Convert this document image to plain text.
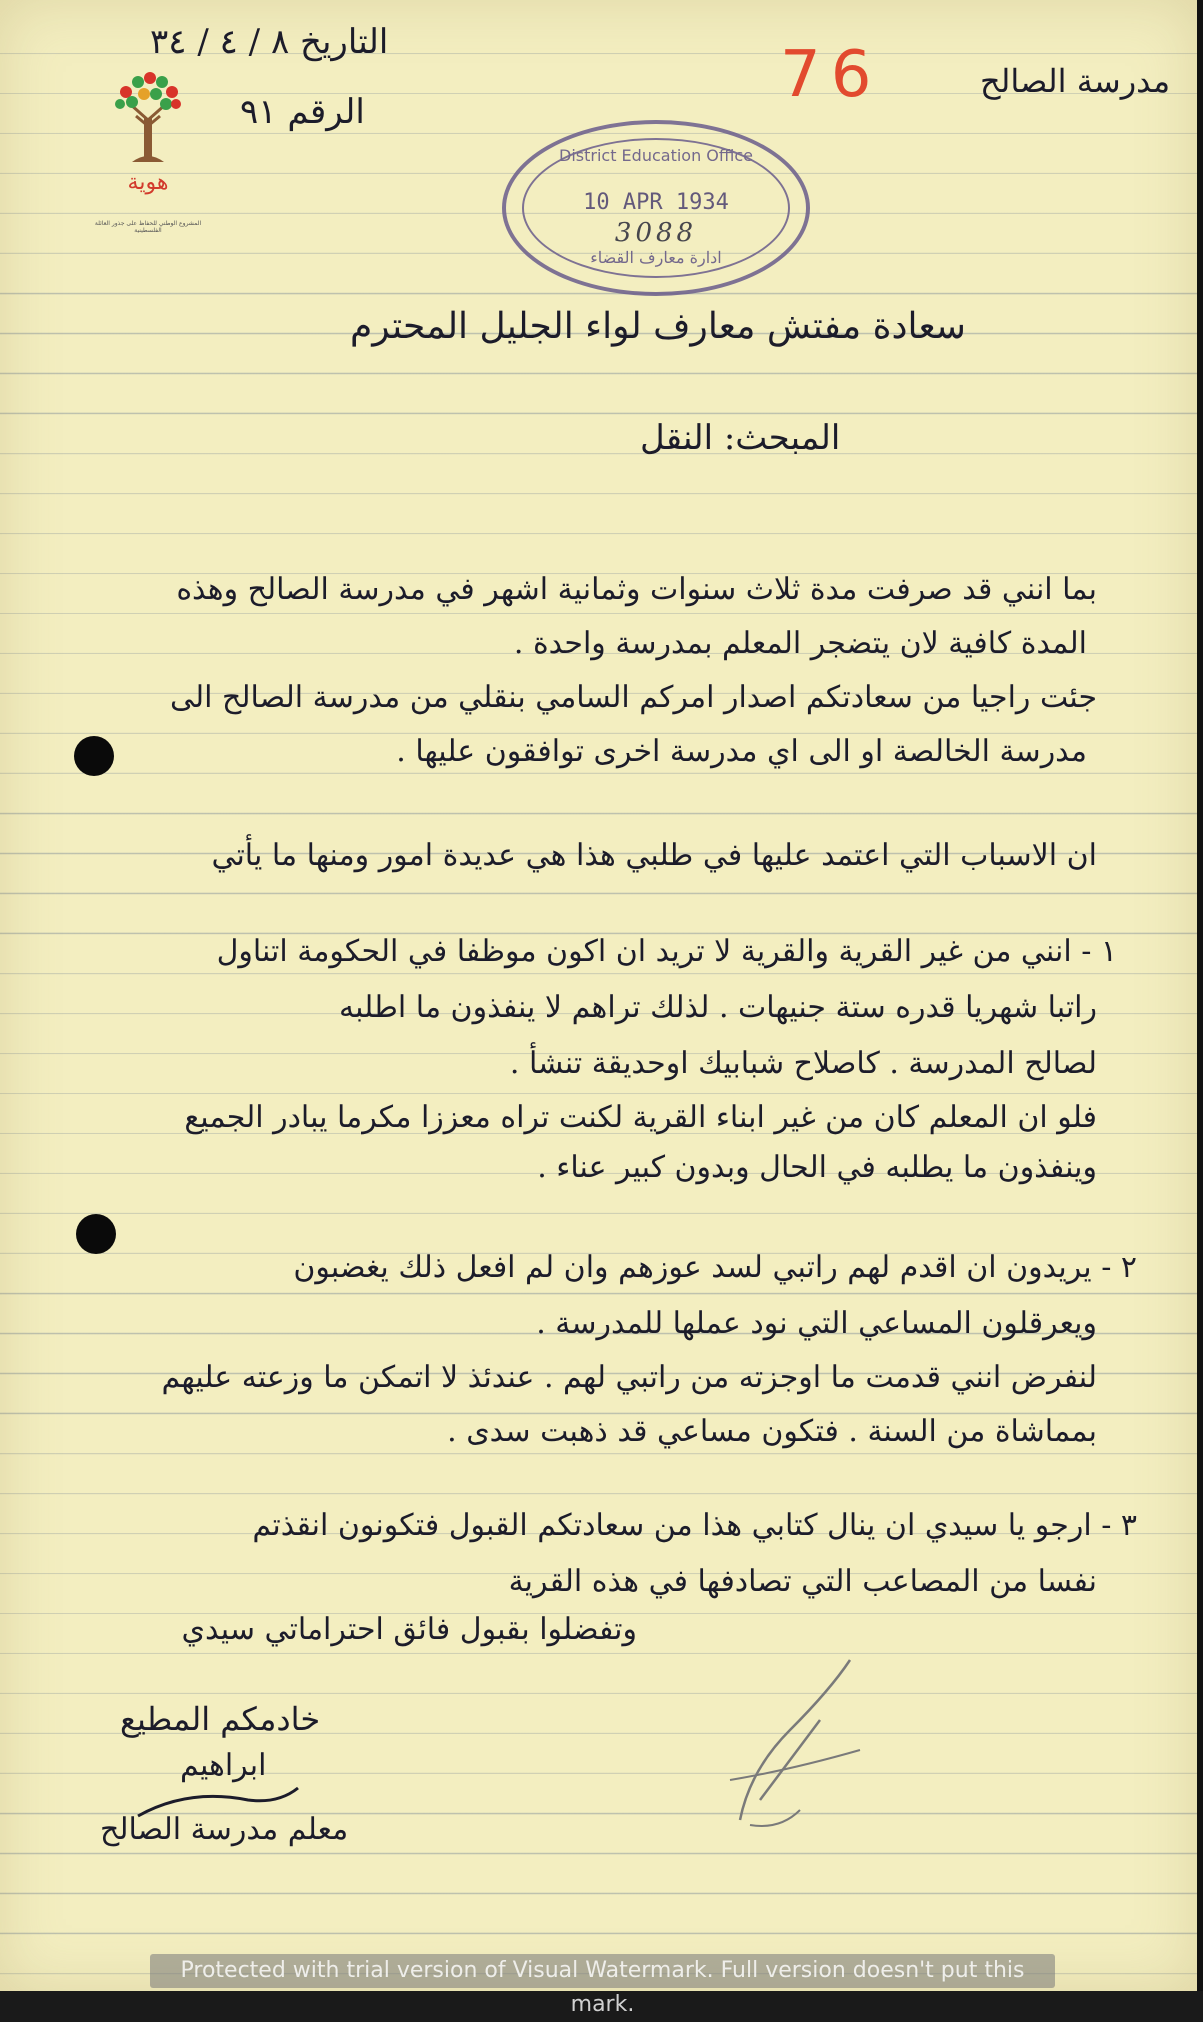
هوية
المشروع الوطني للحفاظ على جذور العائلة الفلسطينية
التاريخ ٨ / ٤ / ٣٤
الرقم ٩١	76	مدرسة الصالح
District Education Office
10 APR 1934
3088
ادارة معارف القضاء
سعادة مفتش معارف لواء الجليل المحترم
المبحث: النقل
بما انني قد صرفت مدة ثلاث سنوات وثمانية اشهر في مدرسة الصالح وهذه
المدة كافية لان يتضجر المعلم بمدرسة واحدة .
جئت راجيا من سعادتكم اصدار امركم السامي بنقلي من مدرسة الصالح الى
مدرسة الخالصة او الى اي مدرسة اخرى توافقون عليها .
ان الاسباب التي اعتمد عليها في طلبي هذا هي عديدة امور ومنها ما يأتي
١ - انني من غير القرية والقرية لا تريد ان اكون موظفا في الحكومة اتناول
راتبا شهريا قدره ستة جنيهات . لذلك تراهم لا ينفذون ما اطلبه
لصالح المدرسة . كاصلاح شبابيك اوحديقة تنشأ .
فلو ان المعلم كان من غير ابناء القرية لكنت تراه معززا مكرما يبادر الجميع
وينفذون ما يطلبه في الحال وبدون كبير عناء .
٢ - يريدون ان اقدم لهم راتبي لسد عوزهم وان لم افعل ذلك يغضبون
ويعرقلون المساعي التي نود عملها للمدرسة .
لنفرض انني قدمت ما اوجزته من راتبي لهم . عندئذ لا اتمكن ما وزعته عليهم
بمماشاة من السنة . فتكون مساعي قد ذهبت سدى .
٣ - ارجو يا سيدي ان ينال كتابي هذا من سعادتكم القبول فتكونون انقذتم
نفسا من المصاعب التي تصادفها في هذه القرية
وتفضلوا بقبول فائق احتراماتي سيدي
خادمكم المطيع
ابراهيم
معلم مدرسة الصالح
Protected with trial version of Visual Watermark. Full version doesn't put this mark.
